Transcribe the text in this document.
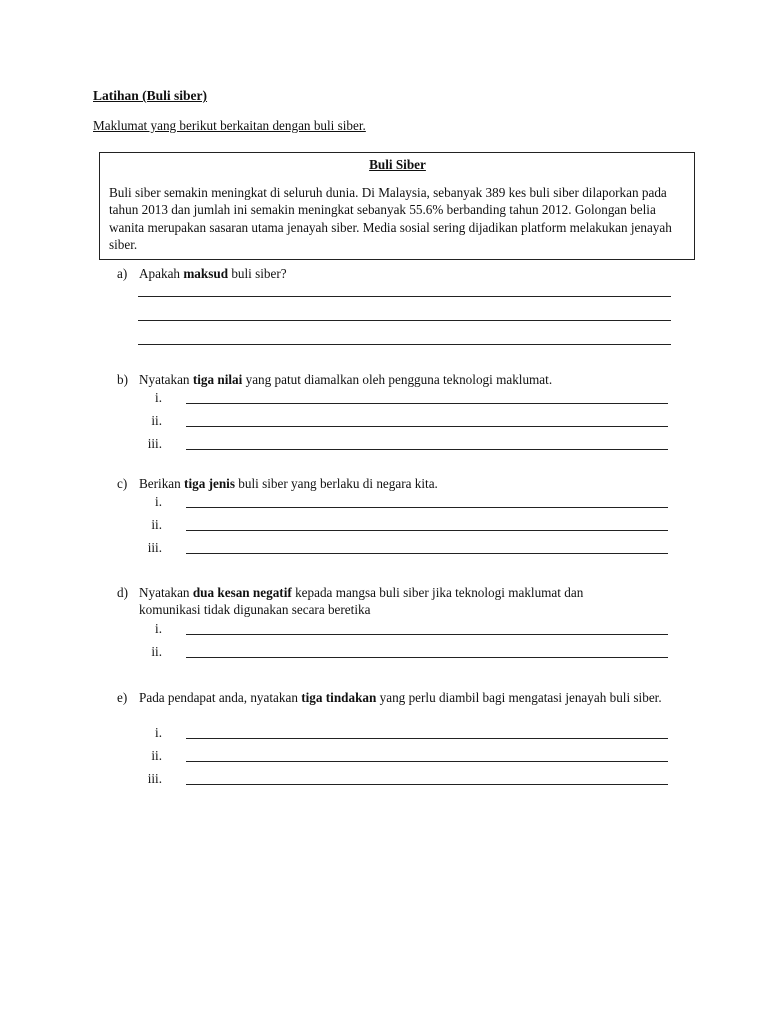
Latihan (Buli siber)
Maklumat yang berikut berkaitan dengan buli siber.
Buli Siber
Buli siber semakin meningkat di seluruh dunia. Di Malaysia, sebanyak 389 kes buli siber dilaporkan pada tahun 2013 dan jumlah ini semakin meningkat sebanyak 55.6% berbanding tahun 2012. Golongan belia wanita merupakan sasaran utama jenayah siber. Media sosial sering dijadikan platform melakukan jenayah siber.
a) Apakah maksud buli siber?
b) Nyatakan tiga nilai yang patut diamalkan oleh pengguna teknologi maklumat.
i.
ii.
iii.
c) Berikan tiga jenis buli siber yang berlaku di negara kita.
i.
ii.
iii.
d) Nyatakan dua kesan negatif kepada mangsa buli siber jika teknologi maklumat dan komunikasi tidak digunakan secara beretika
i.
ii.
e) Pada pendapat anda, nyatakan tiga tindakan yang perlu diambil bagi mengatasi jenayah buli siber.
i.
ii.
iii.
